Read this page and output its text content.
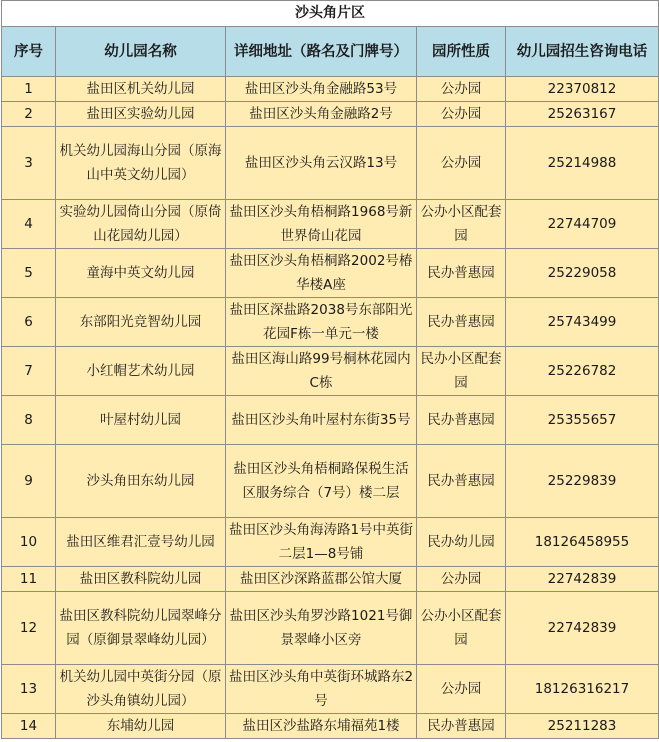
沙头角片区				
序号	幼儿园名称	详细地址（路名及门牌号）	园所性质	幼儿园招生咨询电话
1	盐田区机关幼儿园	盐田区沙头角金融路53号	公办园	22370812
2	盐田区实验幼儿园	盐田区沙头角金融路2号	公办园	25263167
3	机关幼儿园海山分园（原海山中英文幼儿园）	盐田区沙头角云汉路13号	公办园	25214988
4	实验幼儿园倚山分园（原倚山花园幼儿园）	盐田区沙头角梧桐路1968号新世界倚山花园	公办小区配套园	22744709
5	童海中英文幼儿园	盐田区沙头角梧桐路2002号椿华楼A座	民办普惠园	25229058
6	东部阳光竞智幼儿园	盐田区深盐路2038号东部阳光花园F栋一单元一楼	民办普惠园	25743499
7	小红帽艺术幼儿园	盐田区海山路99号桐林花园内C栋	民办小区配套园	25226782
8	叶屋村幼儿园	盐田区沙头角叶屋村东街35号	民办普惠园	25355657
9	沙头角田东幼儿园	盐田区沙头角梧桐路保税生活区服务综合（7号）楼二层	民办普惠园	25229839
10	盐田区维君汇壹号幼儿园	盐田区沙头角海涛路1号中英街二层1—8号铺	民办幼儿园	18126458955
11	盐田区教科院幼儿园	盐田区沙深路蓝郡公馆大厦	公办园	22742839
12	盐田区教科院幼儿园翠峰分园（原御景翠峰幼儿园）	盐田区沙头角罗沙路1021号御景翠峰小区旁	公办小区配套园	22742839
13	机关幼儿园中英街分园（原沙头角镇幼儿园）	盐田区沙头角中英街环城路东2号	公办园	18126316217
14	东埔幼儿园	盐田区沙盐路东埔福苑1楼	民办普惠园	25211283
